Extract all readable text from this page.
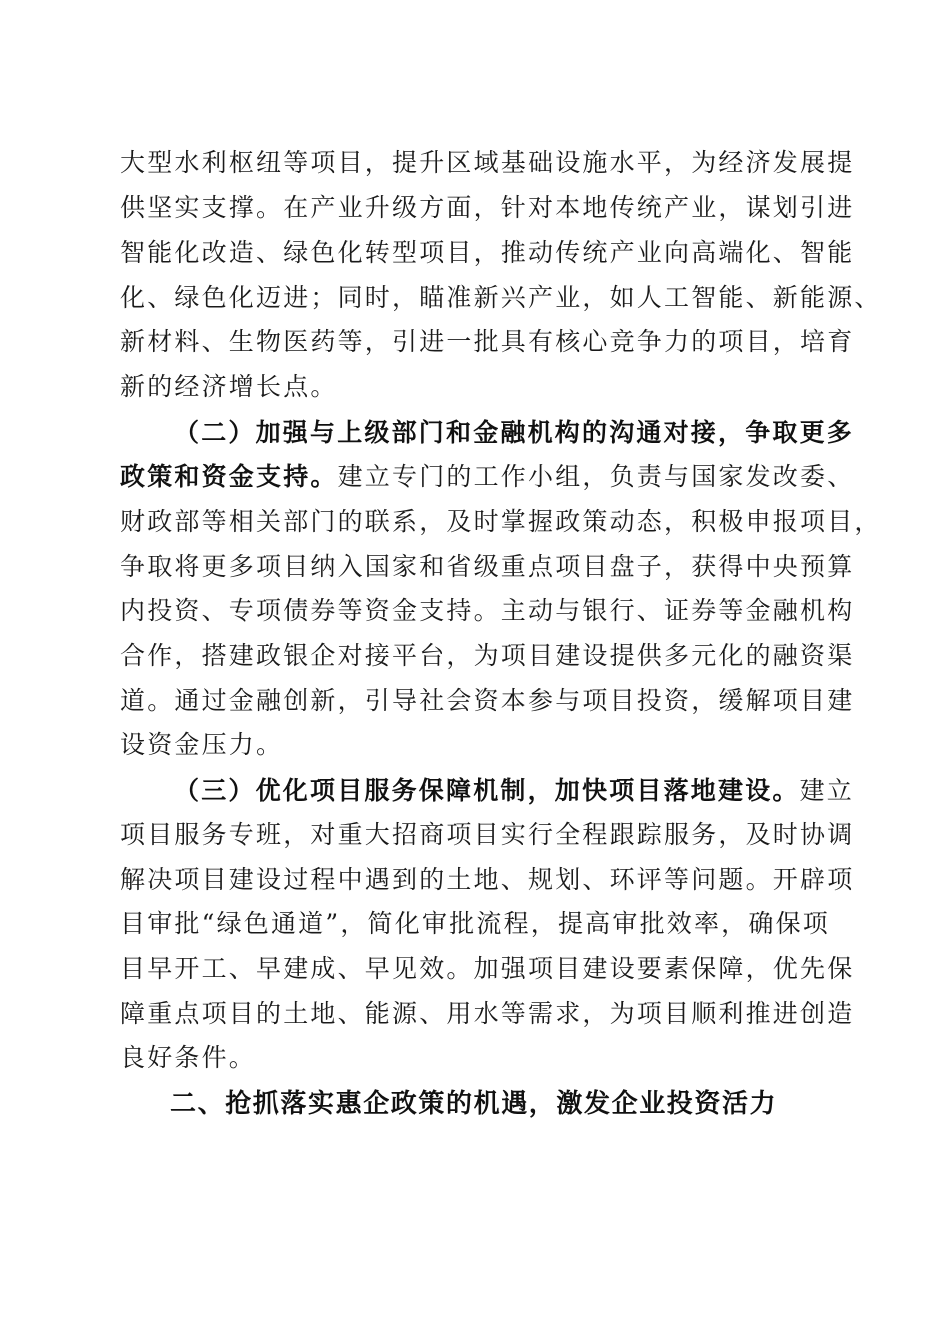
大型水利枢纽等项目，提升区域基础设施水平，为经济发展提
供坚实支撑。在产业升级方面，针对本地传统产业，谋划引进
智能化改造、绿色化转型项目，推动传统产业向高端化、智能
化、绿色化迈进；同时，瞄准新兴产业，如人工智能、新能源、
新材料、生物医药等，引进一批具有核心竞争力的项目，培育
新的经济增长点。
（二）加强与上级部门和金融机构的沟通对接，争取更多
政策和资金支持。建立专门的工作小组，负责与国家发改委、
财政部等相关部门的联系，及时掌握政策动态，积极申报项目，
争取将更多项目纳入国家和省级重点项目盘子，获得中央预算
内投资、专项债券等资金支持。主动与银行、证券等金融机构
合作，搭建政银企对接平台，为项目建设提供多元化的融资渠
道。通过金融创新，引导社会资本参与项目投资，缓解项目建
设资金压力。
（三）优化项目服务保障机制，加快项目落地建设。建立
项目服务专班，对重大招商项目实行全程跟踪服务，及时协调
解决项目建设过程中遇到的土地、规划、环评等问题。开辟项
目审批“绿色通道”，简化审批流程，提高审批效率，确保项
目早开工、早建成、早见效。加强项目建设要素保障，优先保
障重点项目的土地、能源、用水等需求，为项目顺利推进创造
良好条件。
二、抢抓落实惠企政策的机遇，激发企业投资活力
